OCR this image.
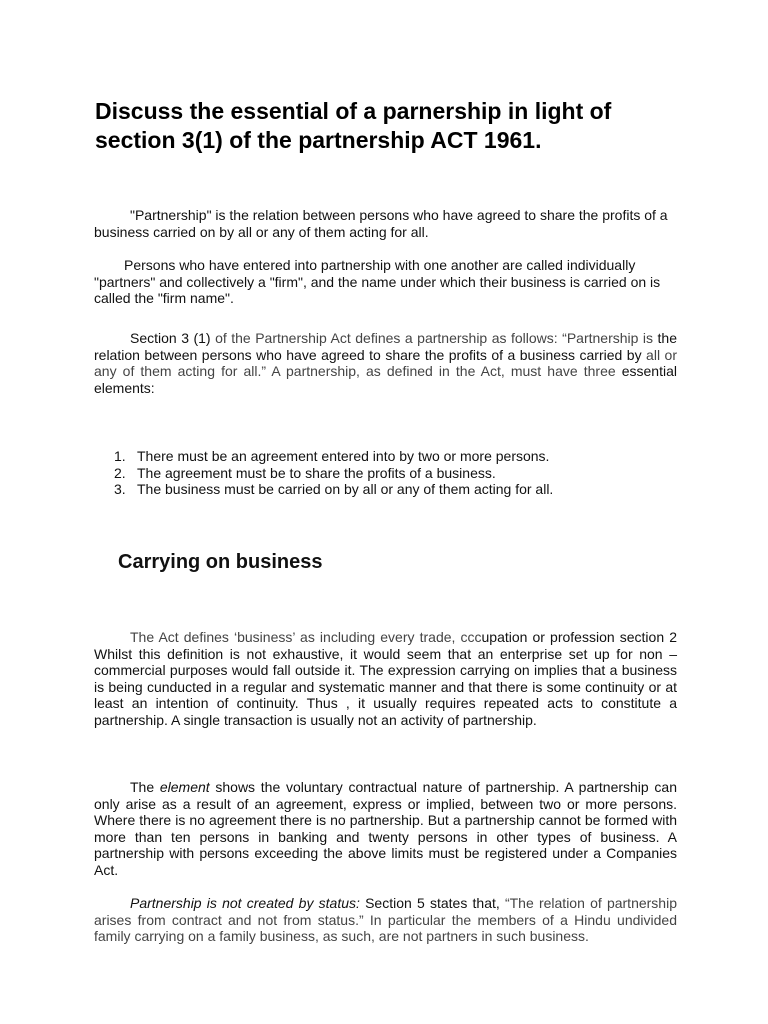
Discuss the essential of a parnership in light of section 3(1) of the partnership ACT 1961.

"Partnership" is the relation between persons who have agreed to share the profits of a business carried on by all or any of them acting for all.

Persons who have entered into partnership with one another are called individually "partners" and collectively a "firm", and the name under which their business is carried on is called the "firm name".

Section 3 (1) of the Partnership Act defines a partnership as follows: “Partnership is the relation between persons who have agreed to share the profits of a business carried by all or any of them acting for all.” A partnership, as defined in the Act, must have three essential elements:

1. There must be an agreement entered into by two or more persons.
2. The agreement must be to share the profits of a business.
3. The business must be carried on by all or any of them acting for all.
Carrying on business

The Act defines ‘business’ as including every trade, cccupation or profession section 2 Whilst this definition is not exhaustive, it would seem that an enterprise set up for non – commercial purposes would fall outside it. The expression carrying on implies that a business is being cunducted in a regular and systematic manner and that there is some continuity or at least an intention of continuity. Thus , it usually requires repeated acts to constitute a partnership. A single transaction is usually not an activity of partnership.

The element shows the voluntary contractual nature of partnership. A partnership can only arise as a result of an agreement, express or implied, between two or more persons. Where there is no agreement there is no partnership. But a partnership cannot be formed with more than ten persons in banking and twenty persons in other types of business. A partnership with persons exceeding the above limits must be registered under a Companies Act.

Partnership is not created by status: Section 5 states that, “The relation of partnership arises from contract and not from status.” In particular the members of a Hindu undivided family carrying on a family business, as such, are not partners in such business.
